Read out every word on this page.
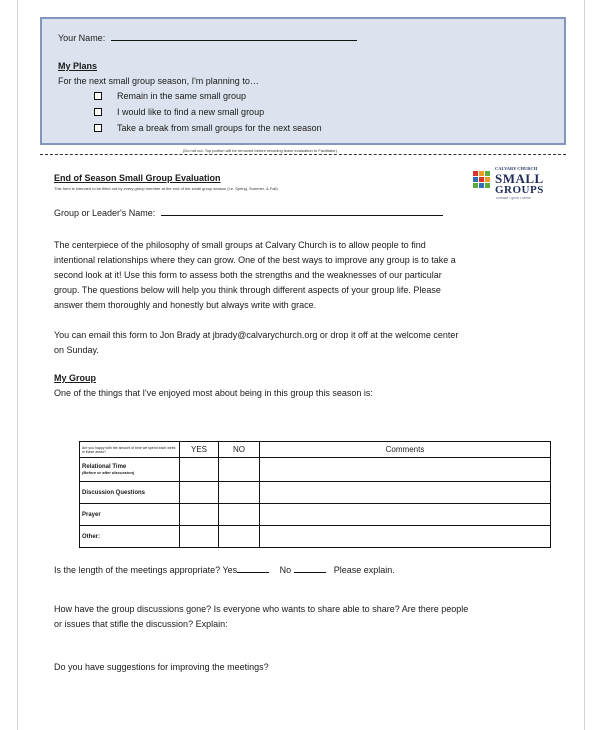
Your Name:
My Plans
For the next small group season, I'm planning to…
Remain in the same small group
I would like to find a new small group
Take a break from small groups for the next season
(Do not cut. Top portion will be removed before returning leave evaluation to Facilitator)
End of Season Small Group Evaluation
This form is intended to be filled out by every group member at the end of the small group season (i.e. Spring, Summer, & Fall)
CALVARY CHURCH
SMALL
GROUPS
connect • grow • serve
Group or Leader's Name:
The centerpiece of the philosophy of small groups at Calvary Church is to allow people to find
intentional relationships where they can grow. One of the best ways to improve any group is to take a
second look at it! Use this form to assess both the strengths and the weaknesses of our particular
group. The questions below will help you think through different aspects of your group life. Please
answer them thoroughly and honestly but always write with grace.
You can email this form to Jon Brady at jbrady@calvarychurch.org or drop it off at the welcome center
on Sunday.
My Group
One of the things that I've enjoyed most about being in this group this season is:
Are you happy with the amount of time we spend each week in these areas?	YES	NO	Comments

Relational Time
(Before or after discussion)			

Discussion Questions			
Prayer			
Other:			
Is the length of the meetings appropriate? Yes	No	Please explain.
How have the group discussions gone? Is everyone who wants to share able to share? Are there people
or issues that stifle the discussion? Explain:
Do you have suggestions for improving the meetings?
